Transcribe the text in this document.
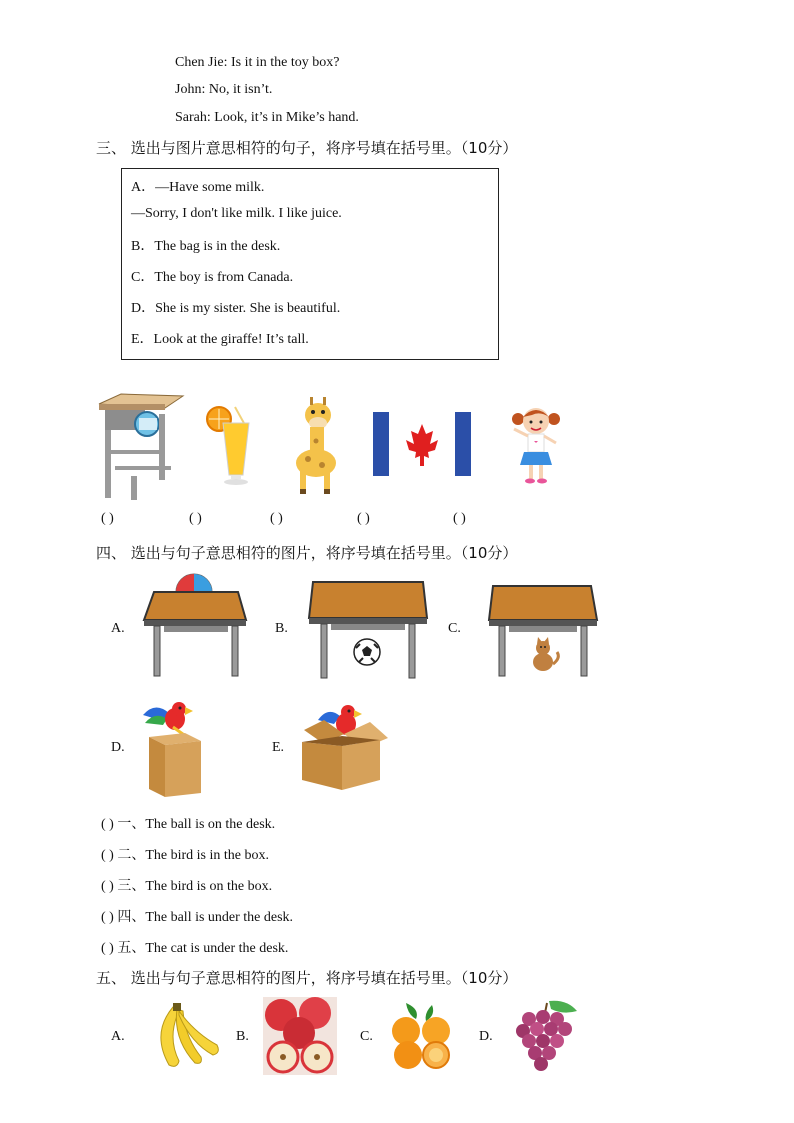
Chen Jie: Is it in the toy box?
John: No, it isn’t.
Sarah: Look, it’s in Mike’s hand.
三、 选出与图片意思相符的句子，将序号填在括号里。（10分）
A．—Have some milk.
—Sorry, I don't like milk. I like juice.
B．The bag is in the desk.
C．The boy is from Canada.
D．She is my sister. She is beautiful.
E．Look at the giraffe! It’s tall.
( )	( )	( )	( )	( )
四、 选出与句子意思相符的图片，将序号填在括号里。（10分）
A.	B.	C.
D.	E.
( ) 一、The ball is on the desk.
( ) 二、The bird is in the box.
( ) 三、The bird is on the box.
( ) 四、The ball is under the desk.
( ) 五、The cat is under the desk.
五、 选出与句子意思相符的图片，将序号填在括号里。（10分）
A.	B.	C.	D.
